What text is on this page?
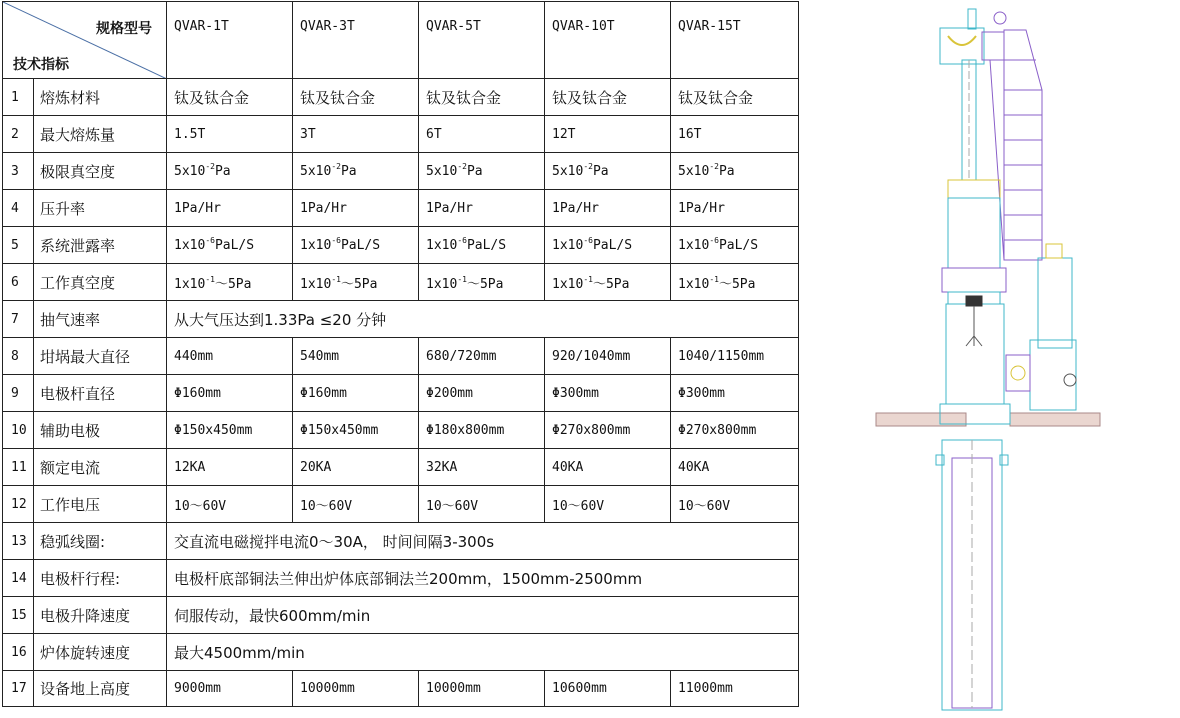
规格型号
技术指标		QVAR-1T	QVAR-3T	QVAR-5T	QVAR-10T	QVAR-15T
1	熔炼材料	钛及钛合金	钛及钛合金	钛及钛合金	钛及钛合金	钛及钛合金
2	最大熔炼量	1.5T	3T	6T	12T	16T
3	极限真空度	$5x10^{-2}Pa$	$5x10^{-2}Pa$	$5x10^{-2}Pa$	$5x10^{-2}Pa$	$5x10^{-2}Pa$
4	压升率	1Pa/Hr	1Pa/Hr	1Pa/Hr	1Pa/Hr	1Pa/Hr
5	系统泄露率	$1x10^{-6}PaL/S$	$1x10^{-6}PaL/S$	$1x10^{-6}PaL/S$	$1x10^{-6}PaL/S$	$1x10^{-6}PaL/S$
6	工作真空度	$1x10^{-1}\sim 5Pa$	$1x10^{-1}\sim 5Pa$	$1x10^{-1}\sim 5Pa$	$1x10^{-1}\sim 5Pa$	$1x10^{-1}\sim 5Pa$
7	抽气速率	从大气压达到1.33Pa ≤20 分钟				
8	坩埚最大直径	440mm	540mm	680/720mm	920/1040mm	1040/1150mm
9	电极杆直径	Φ160mm	Φ160mm	Φ200mm	Φ300mm	Φ300mm
10	辅助电极	Φ150x450mm	Φ150x450mm	Φ180x800mm	Φ270x800mm	Φ270x800mm
11	额定电流	12KA	20KA	32KA	40KA	40KA
12	工作电压	10～60V	10～60V	10～60V	10～60V	10～60V
13	稳弧线圈:	交直流电磁搅拌电流0～30A， 时间间隔3-300s				
14	电极杆行程:	电极杆底部铜法兰伸出炉体底部铜法兰200mm，1500mm-2500mm				
15	电极升降速度	伺服传动，最快600mm/min				
16	炉体旋转速度	最大4500mm/min				
17	设备地上高度	9000mm	10000mm	10000mm	10600mm	11000mm
